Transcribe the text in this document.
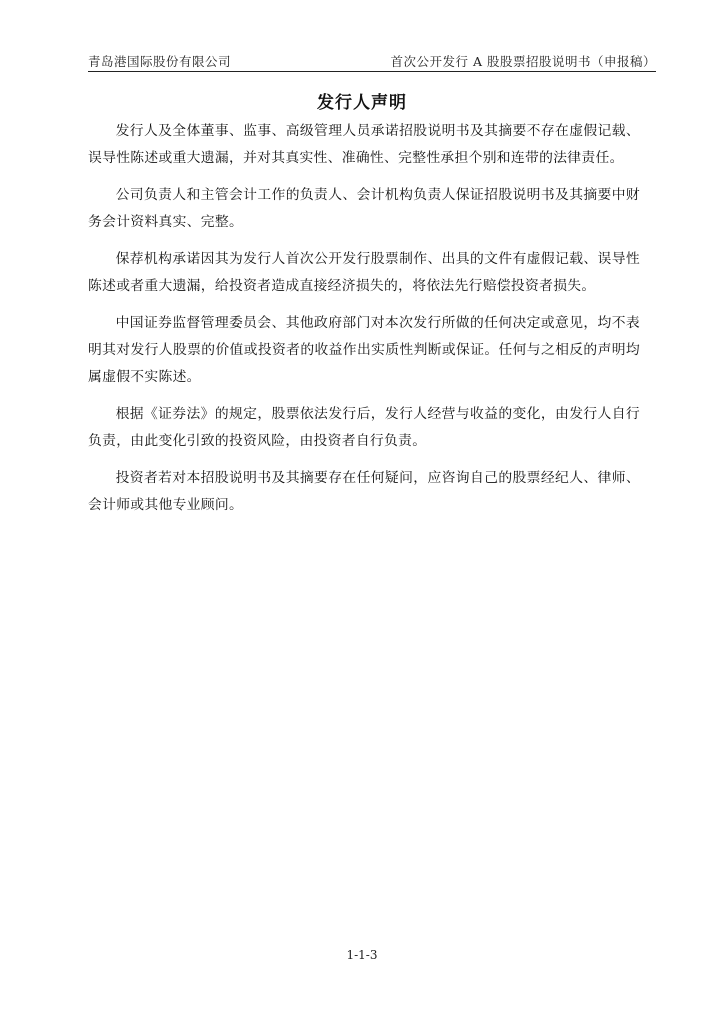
青岛港国际股份有限公司	首次公开发行 A 股股票招股说明书（申报稿）
发行人声明

发行人及全体董事、监事、高级管理人员承诺招股说明书及其摘要不存在虚假记载、误导性陈述或重大遗漏，并对其真实性、准确性、完整性承担个别和连带的法律责任。

公司负责人和主管会计工作的负责人、会计机构负责人保证招股说明书及其摘要中财务会计资料真实、完整。

保荐机构承诺因其为发行人首次公开发行股票制作、出具的文件有虚假记载、误导性陈述或者重大遗漏，给投资者造成直接经济损失的，将依法先行赔偿投资者损失。

中国证券监督管理委员会、其他政府部门对本次发行所做的任何决定或意见，均不表明其对发行人股票的价值或投资者的收益作出实质性判断或保证。任何与之相反的声明均属虚假不实陈述。

根据《证券法》的规定，股票依法发行后，发行人经营与收益的变化，由发行人自行负责，由此变化引致的投资风险，由投资者自行负责。

投资者若对本招股说明书及其摘要存在任何疑问，应咨询自己的股票经纪人、律师、会计师或其他专业顾问。

1-1-3
